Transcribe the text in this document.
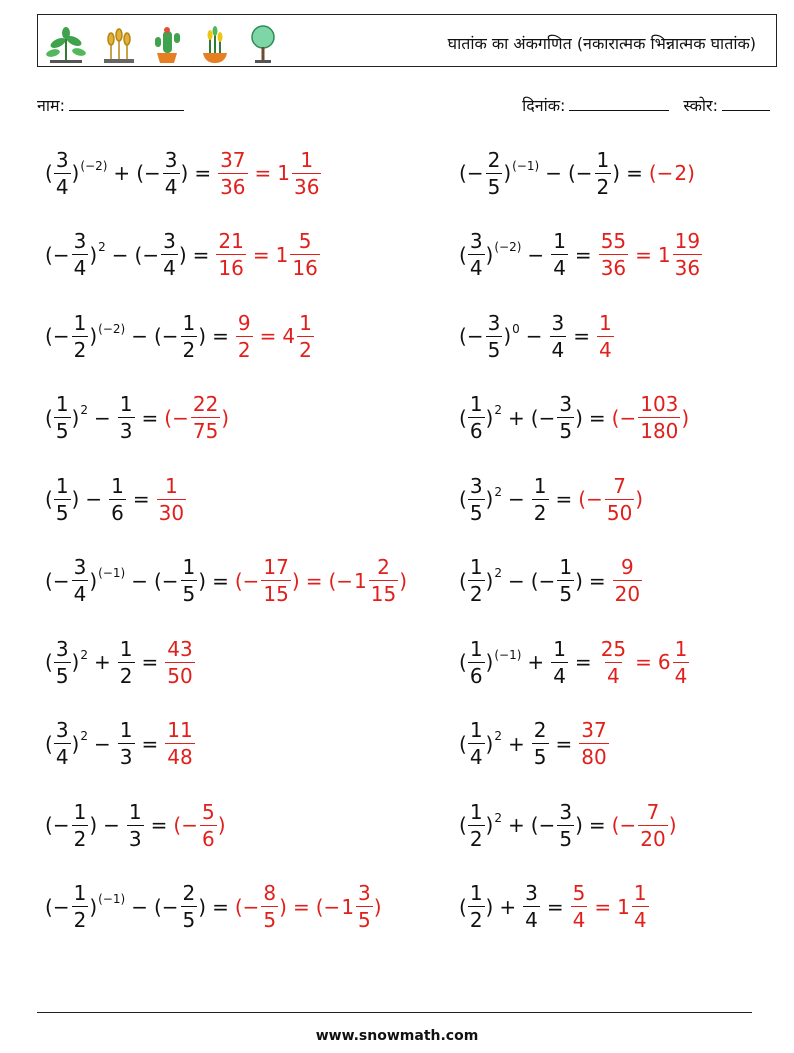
घातांक का अंकगणित (नकारात्मक भिन्नात्मक घातांक)
नाम:	दिनांक:	स्कोर:
( $\frac{3}{4}$ ) (−2) + ( − $\frac{3}{4}$ ) = $\frac{37}{36} = 1 \frac{1}{36}$	( − $\frac{2}{5}$ ) (−1) − ( − $\frac{1}{2}$ ) = ( − 2 )
( − $\frac{3}{4}$ ) 2 − ( − $\frac{3}{4}$ ) = $\frac{21}{16} = 1 \frac{5}{16}$	( $\frac{3}{4}$ ) $(-2) - \frac{1}{4} = \frac{55}{36} = 1 \frac{19}{36}$
( − $\frac{1}{2}$ ) (−2) − ( − $\frac{1}{2}$ ) = $\frac{9}{2} = 4 \frac{1}{2}$	( − $\frac{3}{5}$ ) $0 - \frac{3}{4} = \frac{1}{4}$
( $\frac{1}{5}$ ) $2 - \frac{1}{3}$ = ( − $\frac{22}{75}$ )	( $\frac{1}{6}$ ) 2 + ( − $\frac{3}{5}$ ) = ( − $\frac{103}{180}$ )
( $\frac{1}{5}$ ) − $\frac{1}{6} = \frac{1}{30}$	( $\frac{3}{5}$ ) $2 - \frac{1}{2}$ = ( − $\frac{7}{50}$ )
( − $\frac{3}{4}$ ) (−1) − ( − $\frac{1}{5}$ ) = ( − $\frac{17}{15}$ ) = ( − $1 \frac{2}{15}$ )	( $\frac{1}{2}$ ) 2 − ( − $\frac{1}{5}$ ) = $\frac{9}{20}$
( $\frac{3}{5}$ ) $2 + \frac{1}{2} = \frac{43}{50}$	( $\frac{1}{6}$ ) $(-1) + \frac{1}{4} = \frac{25}{4} = 6 \frac{1}{4}$
( $\frac{3}{4}$ ) $2 - \frac{1}{3} = \frac{11}{48}$	( $\frac{1}{4}$ ) $2 + \frac{2}{5} = \frac{37}{80}$
( − $\frac{1}{2}$ ) − $\frac{1}{3}$ = ( − $\frac{5}{6}$ )	( $\frac{1}{2}$ ) 2 + ( − $\frac{3}{5}$ ) = ( − $\frac{7}{20}$ )
( − $\frac{1}{2}$ ) (−1) − ( − $\frac{2}{5}$ ) = ( − $\frac{8}{5}$ ) = ( − $1 \frac{3}{5}$ )	( $\frac{1}{2}$ ) + $\frac{3}{4} = \frac{5}{4} = 1 \frac{1}{4}$
www.snowmath.com
